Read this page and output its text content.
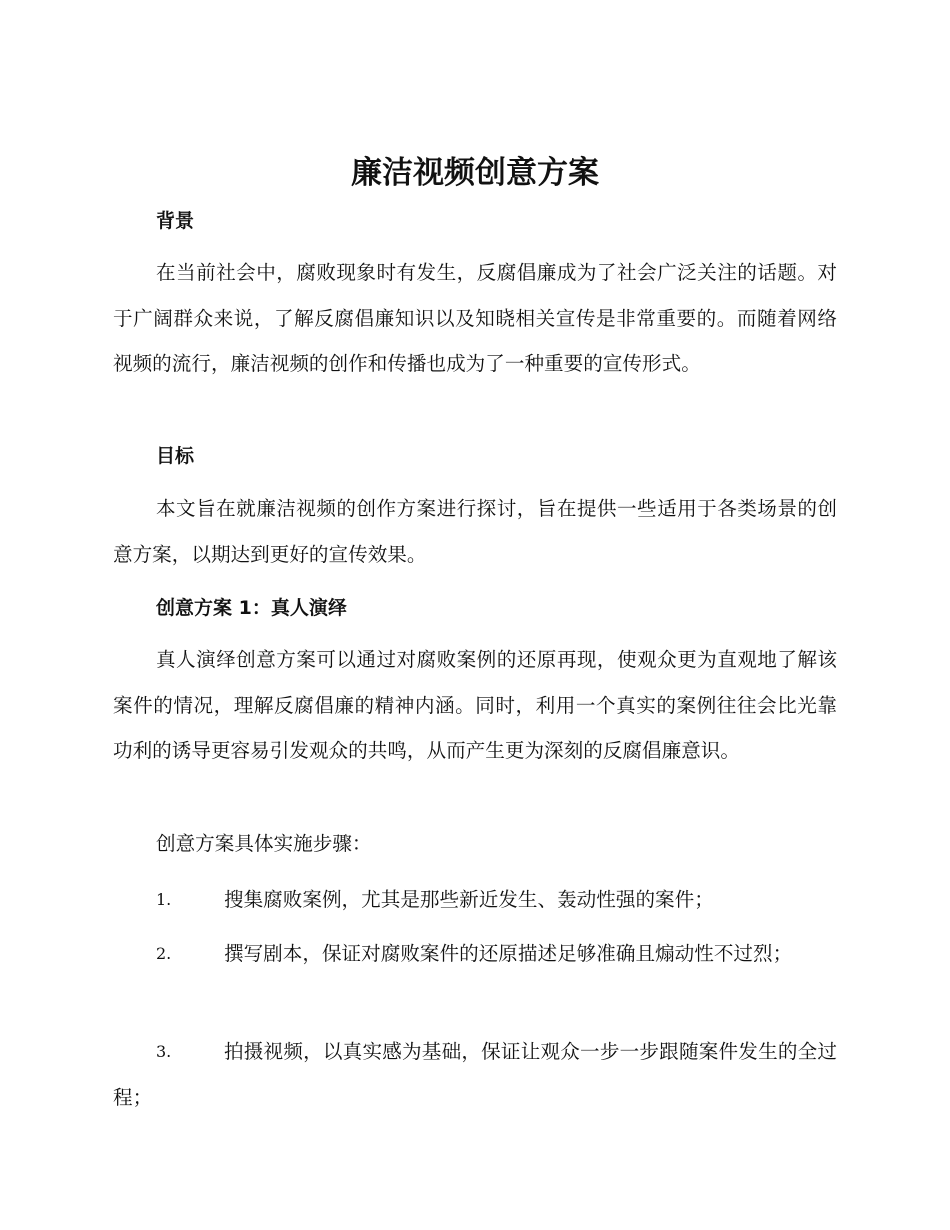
廉洁视频创意方案
背景

在当前社会中，腐败现象时有发生，反腐倡廉成为了社会广泛关注的话题。对于广阔群众来说，了解反腐倡廉知识以及知晓相关宣传是非常重要的。而随着网络视频的流行，廉洁视频的创作和传播也成为了一种重要的宣传形式。

目标

本文旨在就廉洁视频的创作方案进行探讨，旨在提供一些适用于各类场景的创意方案，以期达到更好的宣传效果。

创意方案 1：真人演绎

真人演绎创意方案可以通过对腐败案例的还原再现，使观众更为直观地了解该案件的情况，理解反腐倡廉的精神内涵。同时，利用一个真实的案例往往会比光靠功利的诱导更容易引发观众的共鸣，从而产生更为深刻的反腐倡廉意识。

创意方案具体实施步骤：

1.	搜集腐败案例，尤其是那些新近发生、轰动性强的案件；
2.	撰写剧本，保证对腐败案件的还原描述足够准确且煽动性不过烈；
3.	拍摄视频，以真实感为基础，保证让观众一步一步跟随案件发生的全过程；
